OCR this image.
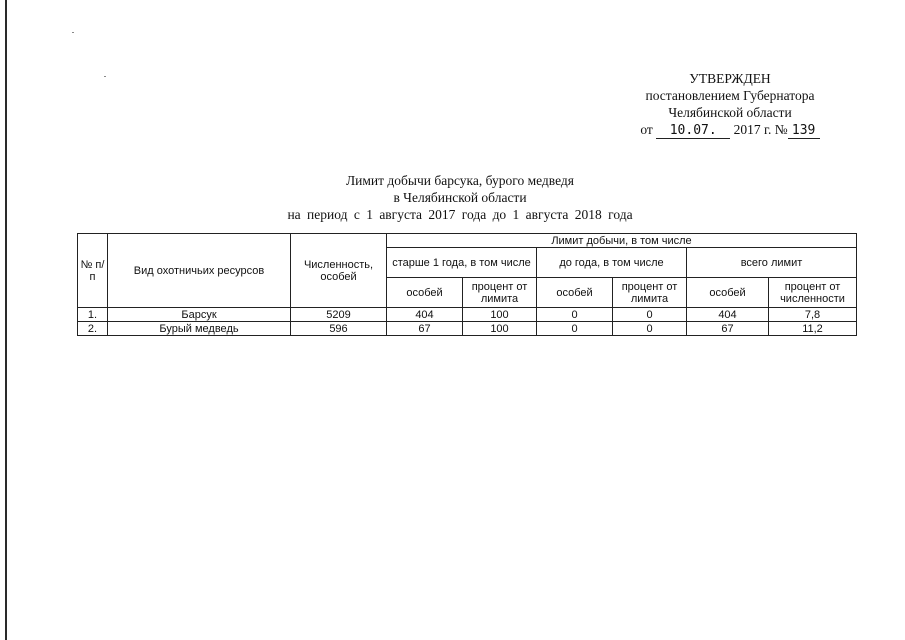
УТВЕРЖДЕН
постановлением Губернатора
Челябинской области
от 10.07. 2017 г. № 139
Лимит добычи барсука, бурого медведя
в Челябинской области
на период с 1 августа 2017 года до 1 августа 2018 года
№ п/п	Вид охотничьих ресурсов	Численность, особей	Лимит добычи, в том числе					
			старше 1 года, в том числе		до года, в том числе		всего лимит	
			особей	процент от лимита	особей	процент от лимита	особей	процент от численности
1.	Барсук	5209	404	100	0	0	404	7,8
2.	Бурый медведь	596	67	100	0	0	67	11,2
